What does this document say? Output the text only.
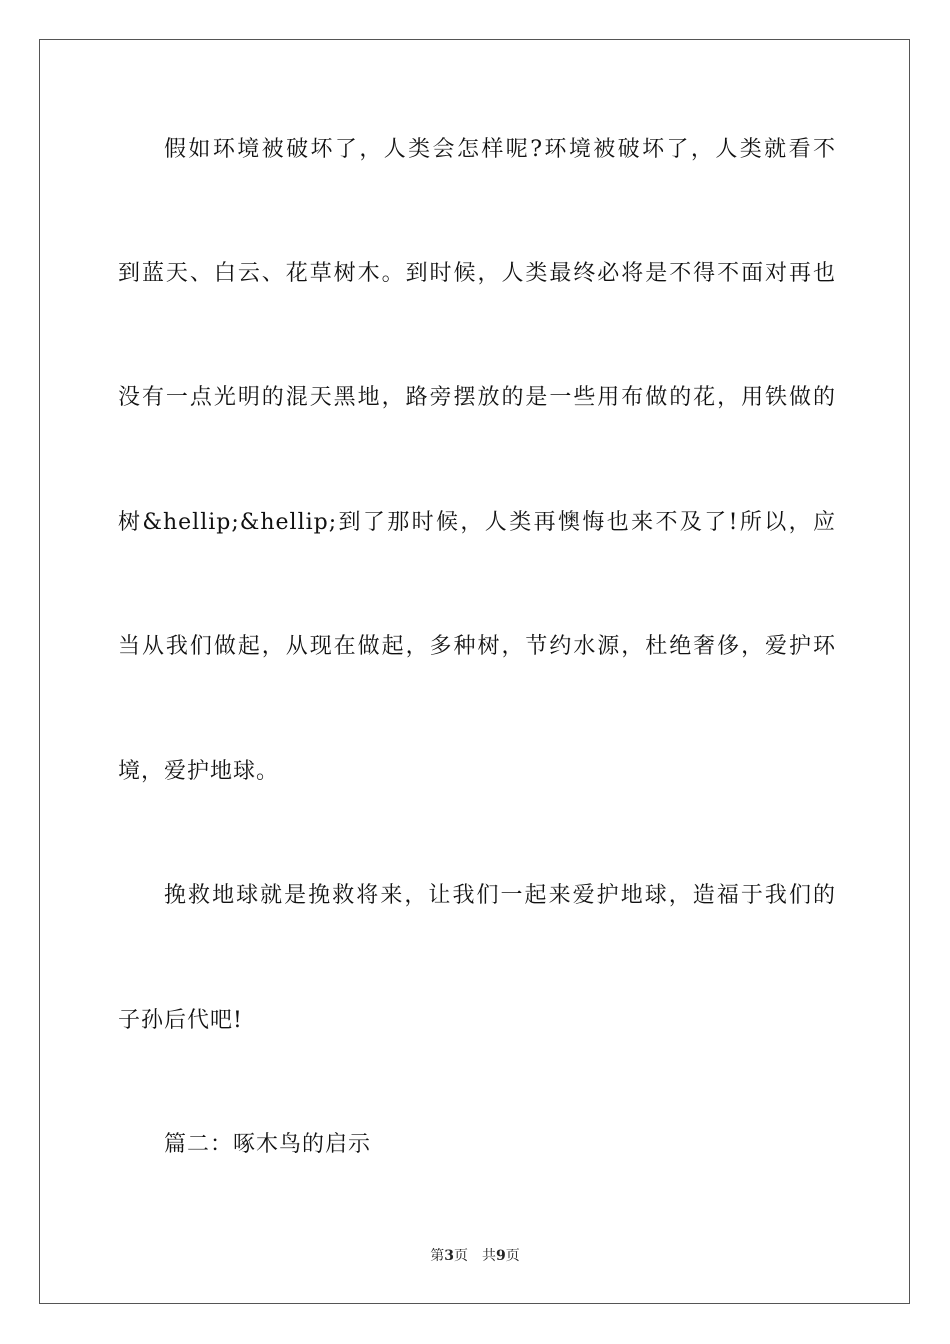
假如环境被破坏了，人类会怎样呢?环境被破坏了，人类就看不
到蓝天、白云、花草树木。到时候，人类最终必将是不得不面对再也
没有一点光明的混天黑地，路旁摆放的是一些用布做的花，用铁做的
树&hellip;&hellip;到了那时候，人类再懊悔也来不及了!所以，应
当从我们做起，从现在做起，多种树，节约水源，杜绝奢侈，爱护环
境，爱护地球。
挽救地球就是挽救将来，让我们一起来爱护地球，造福于我们的
子孙后代吧!
篇二：啄木鸟的启示
第3页 共9页
